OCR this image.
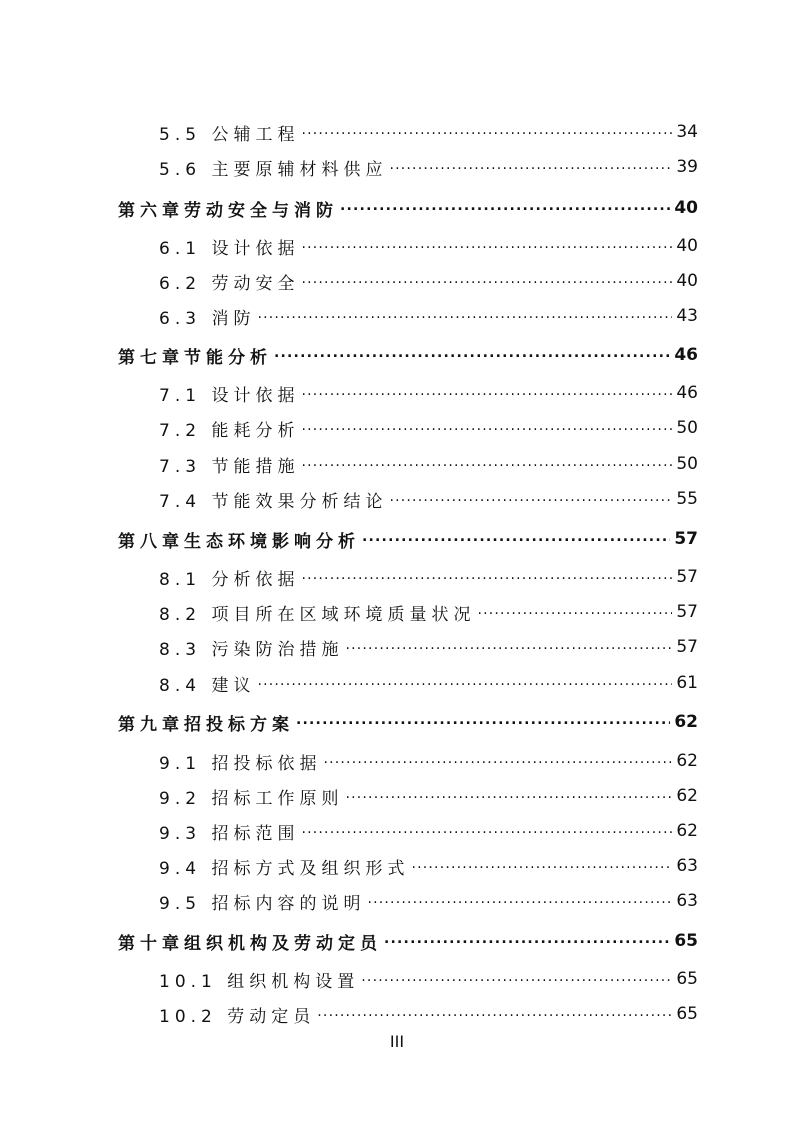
5.5 公辅工程 .....	34
5.6 主要原辅材料供应 .....	39
第六章劳动安全与消防 .....	40
6.1 设计依据 .....	40
6.2 劳动安全 .....	40
6.3 消防 .....	43
第七章节能分析 .....	46
7.1 设计依据 .....	46
7.2 能耗分析 .....	50
7.3 节能措施 .....	50
7.4 节能效果分析结论 .....	55
第八章生态环境影响分析 .....	57
8.1 分析依据 .....	57
8.2 项目所在区域环境质量状况 .....	57
8.3 污染防治措施 .....	57
8.4 建议 .....	61
第九章招投标方案 .....	62
9.1 招投标依据 .....	62
9.2 招标工作原则 .....	62
9.3 招标范围 .....	62
9.4 招标方式及组织形式 .....	63
9.5 招标内容的说明 .....	63
第十章组织机构及劳动定员 .....	65
10.1 组织机构设置 .....	65
10.2 劳动定员 .....	65
III
